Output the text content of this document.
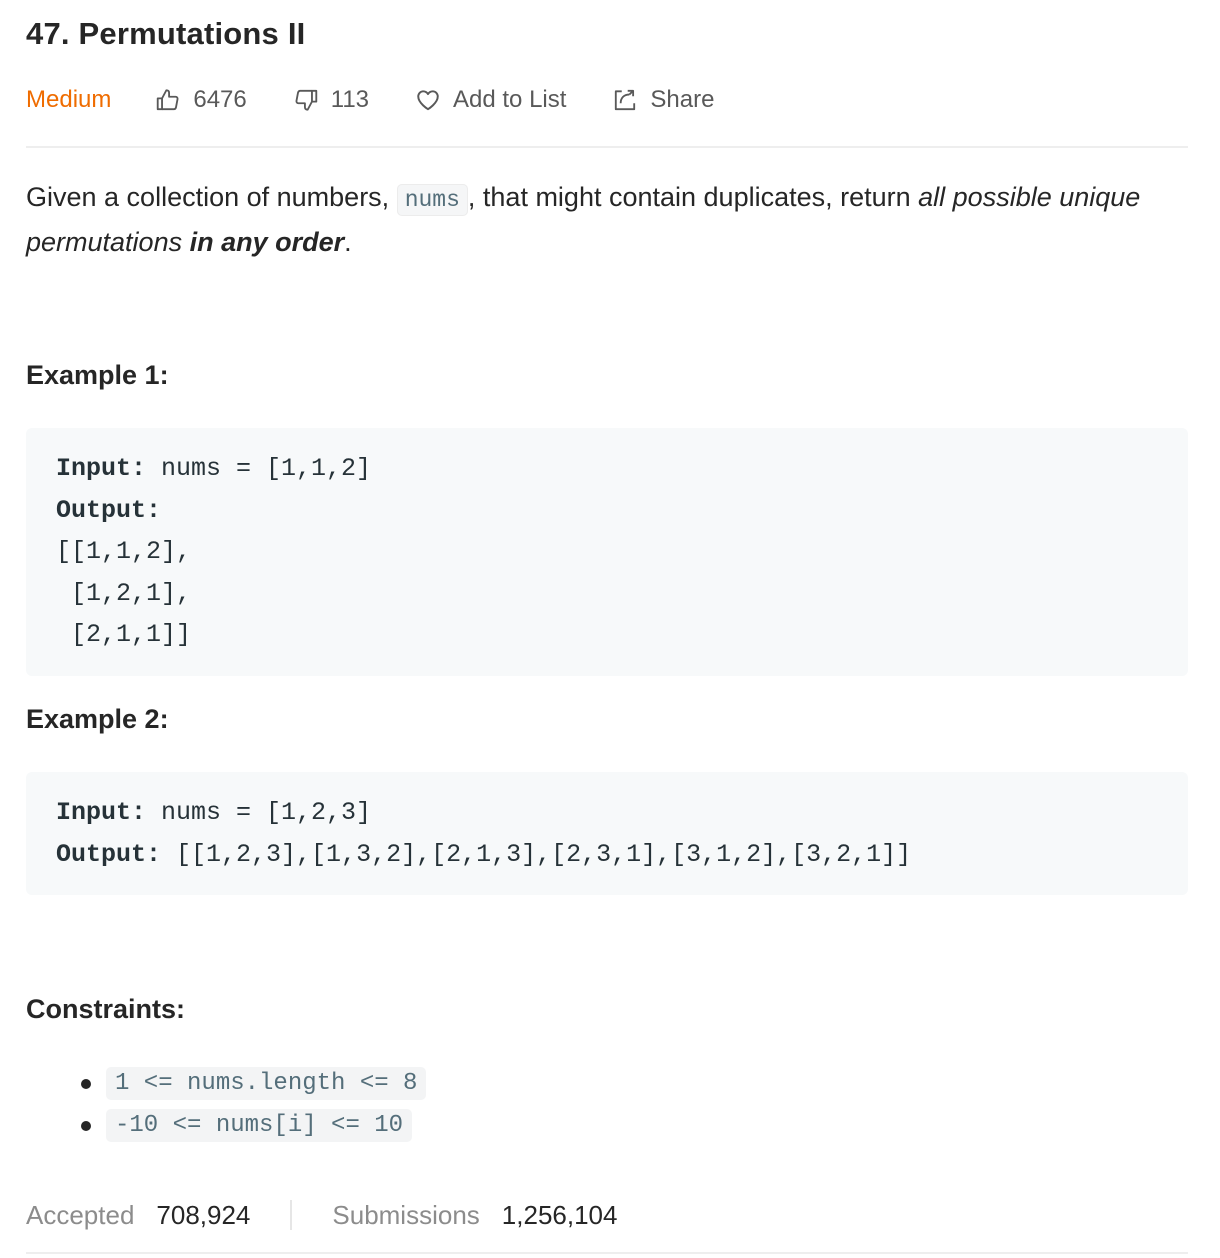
47. Permutations II
Medium	6476	113	Add to List	Share

Given a collection of numbers, nums , that might contain duplicates, return all possible unique permutations in any order.

Example 1:
Input: nums = [1,1,2]
Output:
[[1,1,2],
[1,2,1],
[2,1,1]]
Example 2:
Input: nums = [1,2,3]
Output: [[1,2,3],[1,3,2],[2,1,3],[2,3,1],[3,1,2],[3,2,1]]
Constraints:
1 <= nums.length <= 8
-10 <= nums[i] <= 10
Accepted 708,924	Submissions 1,256,104
